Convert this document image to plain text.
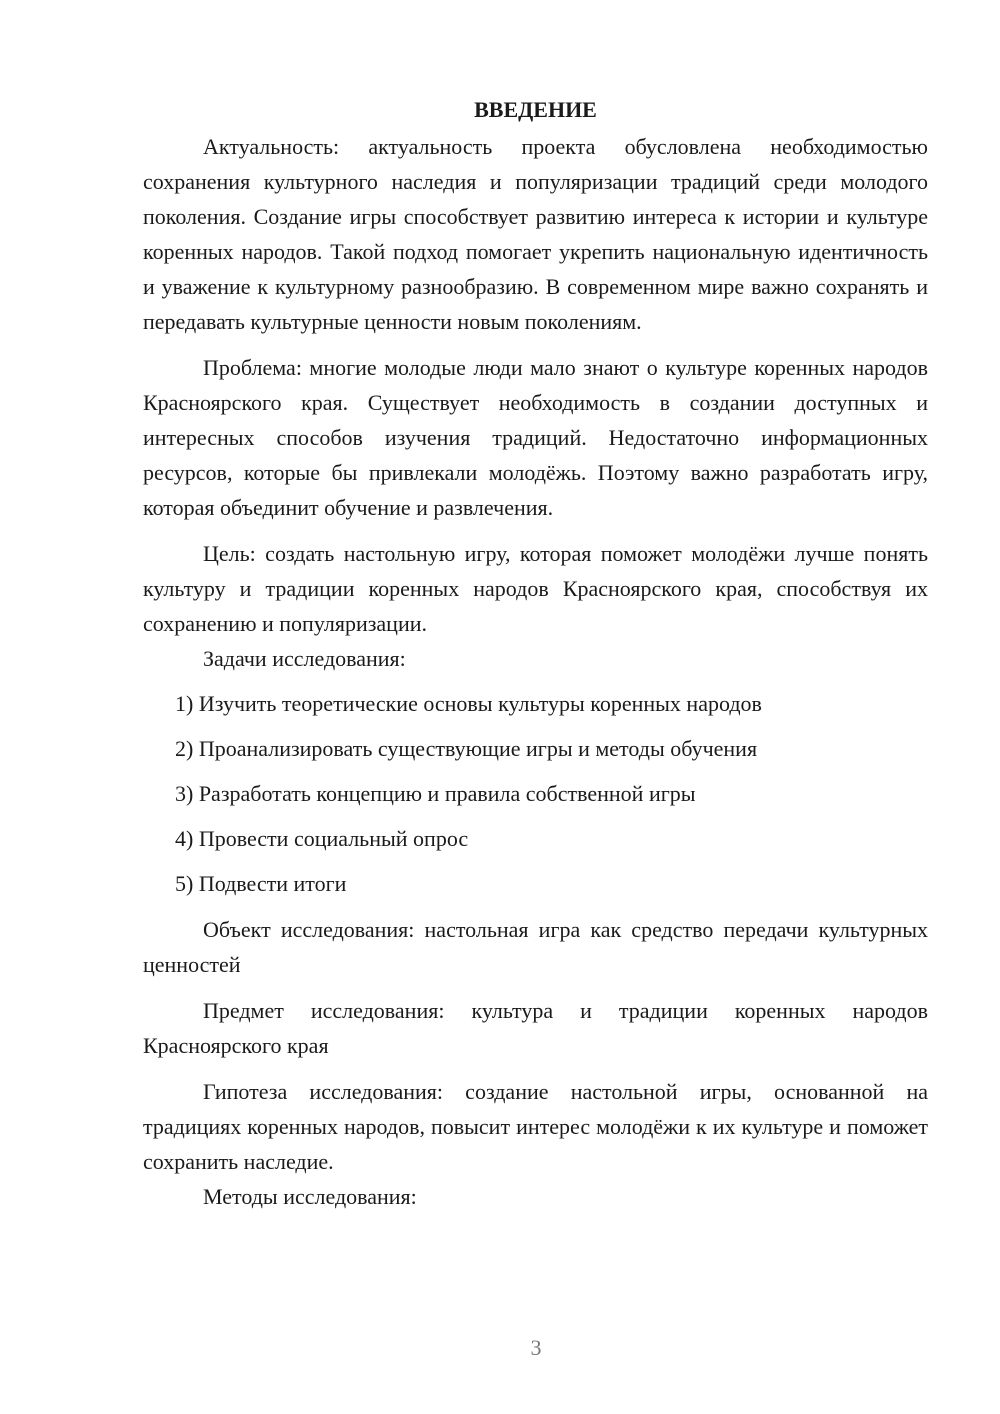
ВВЕДЕНИЕ

Актуальность: актуальность проекта обусловлена необходимостью сохранения культурного наследия и популяризации традиций среди молодого поколения. Создание игры способствует развитию интереса к истории и культуре коренных народов. Такой подход помогает укрепить национальную идентичность и уважение к культурному разнообразию. В современном мире важно сохранять и передавать культурные ценности новым поколениям.

Проблема: многие молодые люди мало знают о культуре коренных народов Красноярского края. Существует необходимость в создании доступных и интересных способов изучения традиций. Недостаточно информационных ресурсов, которые бы привлекали молодёжь. Поэтому важно разработать игру, которая объединит обучение и развлечения.

Цель: создать настольную игру, которая поможет молодёжи лучше понять культуру и традиции коренных народов Красноярского края, способствуя их сохранению и популяризации.

Задачи исследования:

1) Изучить теоретические основы культуры коренных народов

2) Проанализировать существующие игры и методы обучения

3) Разработать концепцию и правила собственной игры

4) Провести социальный опрос

5) Подвести итоги

Объект исследования: настольная игра как средство передачи культурных ценностей

Предмет исследования: культура и традиции коренных народов Красноярского края

Гипотеза исследования: создание настольной игры, основанной на традициях коренных народов, повысит интерес молодёжи к их культуре и поможет сохранить наследие.

Методы исследования:

3
